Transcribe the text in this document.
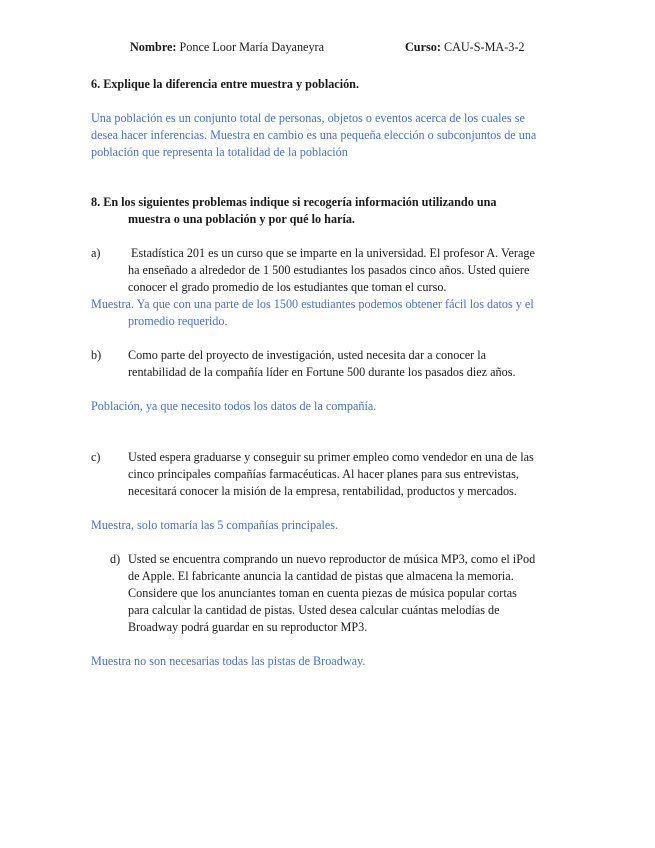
Nombre: Ponce Loor María Dayaneyra	Curso: CAU-S-MA-3-2
6. Explique la diferencia entre muestra y población.
Una población es un conjunto total de personas, objetos o eventos acerca de los cuales se
desea hacer inferencias. Muestra en cambio es una pequeña elección o subconjuntos de una
población que representa la totalidad de la población
8. En los siguientes problemas indique si recogería información utilizando una
muestra o una población y por qué lo haría.
a)	Estadística 201 es un curso que se imparte en la universidad. El profesor A. Verage
ha enseñado a alrededor de 1 500 estudiantes los pasados cinco años. Usted quiere
conocer el grado promedio de los estudiantes que toman el curso.
Muestra. Ya que con una parte de los 1500 estudiantes podemos obtener fácil los datos y el
promedio requerido.
b) Como parte del proyecto de investigación, usted necesita dar a conocer la
rentabilidad de la compañía líder en Fortune 500 durante los pasados diez años.
Población, ya que necesito todos los datos de la compañía.
c) Usted espera graduarse y conseguir su primer empleo como vendedor en una de las
cinco principales compañías farmacéuticas. Al hacer planes para sus entrevistas,
necesitará conocer la misión de la empresa, rentabilidad, productos y mercados.
Muestra, solo tomaría las 5 compañías principales.
d) Usted se encuentra comprando un nuevo reproductor de música MP3, como el iPod
de Apple. El fabricante anuncia la cantidad de pistas que almacena la memoria.
Considere que los anunciantes toman en cuenta piezas de música popular cortas
para calcular la cantidad de pistas. Usted desea calcular cuántas melodías de
Broadway podrá guardar en su reproductor MP3.
Muestra no son necesarias todas las pistas de Broadway.
